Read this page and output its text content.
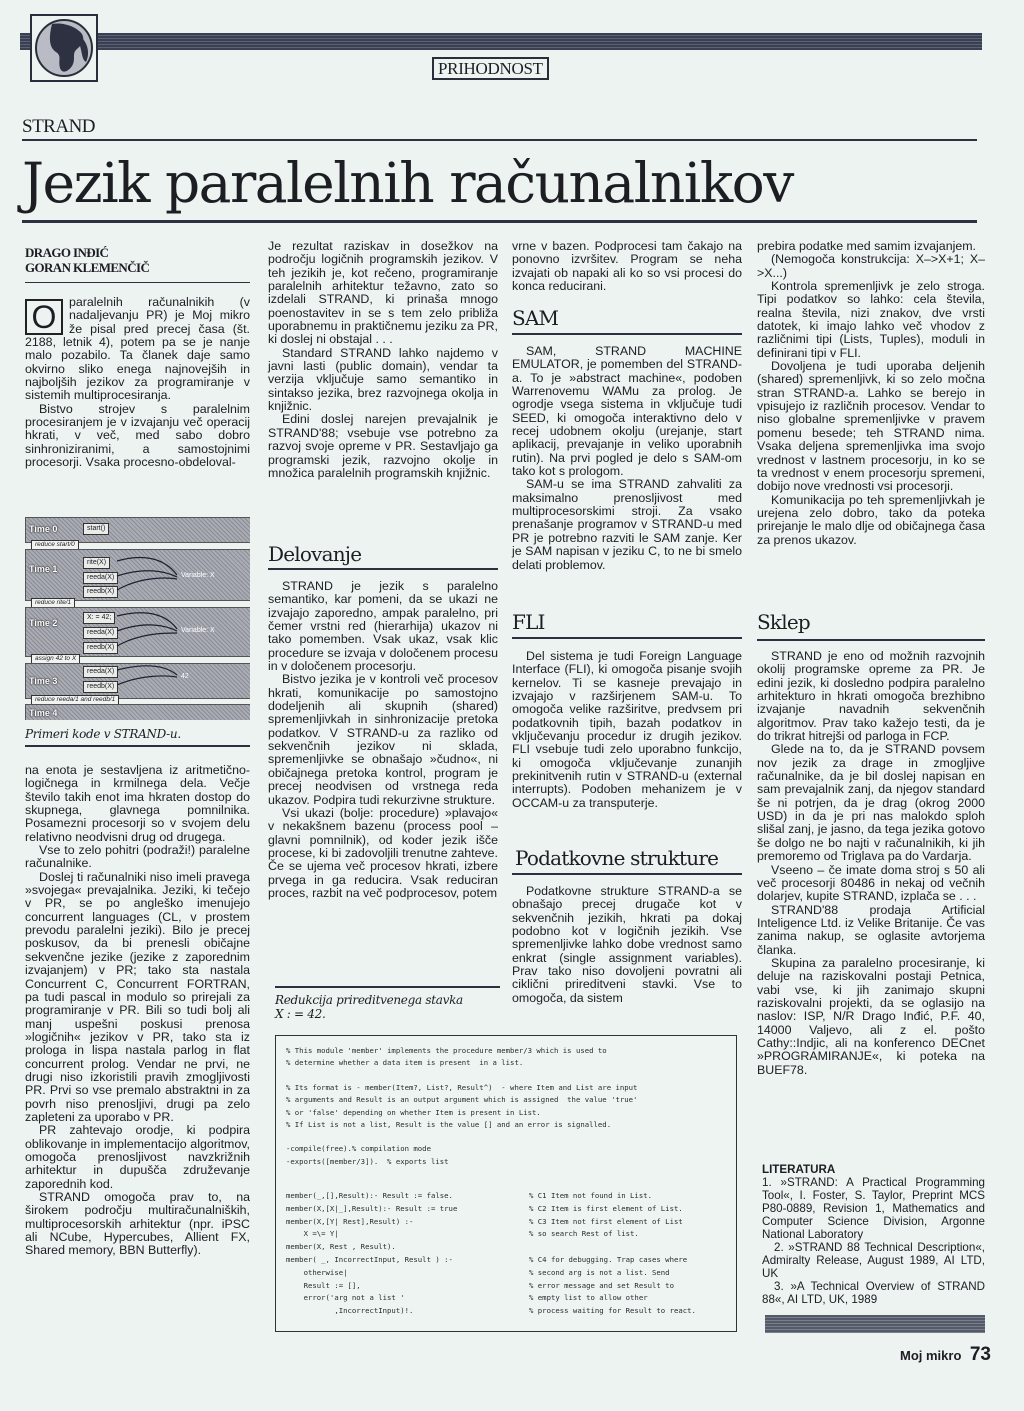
PRIHODNOST
STRAND
Jezik paralelnih računalnikov
DRAGO INĐIĆ
GORAN KLEMENČIČ

O	paralelnih računalnikih (v nadaljevanju PR) je Moj mikro že pisal pred precej časa (št. 2188, letnik 4), potem pa se je nanje malo pozabilo. Ta članek daje samo okvirno sliko enega najnovejših in najboljših jezikov za programiranje v sistemih multiprocesiranja.

Bistvo strojev s paralelnim procesiranjem je v izvajanju več operacij hkrati, v več, med sabo dobro sinhroniziranimi, a samostojnimi procesorji. Vsaka procesno-obdeloval-

Time 0	start()
reduce start/0
Time 1
rite(X)
reeda(X)
reedb(X)
Variable: X
reduce rite/1
Time 2
X: = 42;
reeda(X)
reedb(X)
Variable: X
assign 42 to X
Time 3
reeda(X)
reedb(X)
42
reduce reeda/1 and reedb/1
Time 4
Primeri kode v STRAND-u.

na enota je sestavljena iz aritmetično-logičnega in krmilnega dela. Večje število takih enot ima hkraten dostop do skupnega, glavnega pomnilnika. Posamezni procesorji so v svojem delu relativno neodvisni drug od drugega.

Vse to zelo pohitri (podraži!) paralelne računalnike.

Doslej ti računalniki niso imeli pravega »svojega« prevajalnika. Jeziki, ki tečejo v PR, se po angleško imenujejo concurrent languages (CL, v prostem prevodu paralelni jeziki). Bilo je precej poskusov, da bi prenesli običajne sekvenčne jezike (jezike z zaporednim izvajanjem) v PR; tako sta nastala Concurrent C, Concurrent FORTRAN, pa tudi pascal in modulo so prirejali za programiranje v PR. Bili so tudi bolj ali manj uspešni poskusi prenosa »logičnih« jezikov v PR, tako sta iz prologa in lispa nastala parlog in flat concurrent prolog. Vendar ne prvi, ne drugi niso izkoristili pravih zmogljivosti PR. Prvi so vse premalo abstraktni in za povrh niso prenosljivi, drugi pa zelo zapleteni za uporabo v PR.

PR zahtevajo orodje, ki podpira oblikovanje in implementacijo algoritmov, omogoča prenosljivost navzkrižnih arhitektur in dupušča združevanje zaporednih kod.

STRAND omogoča prav to, na širokem področju multiračunalniških, multiprocesorskih arhitektur (npr. iPSC ali NCube, Hypercubes, Allient FX, Shared memory, BBN Butterfly).

Je rezultat raziskav in dosežkov na področju logičnih programskih jezikov. V teh jezikih je, kot rečeno, programiranje paralelnih arhitektur težavno, zato so izdelali STRAND, ki prinaša mnogo poenostavitev in se s tem zelo približa uporabnemu in praktičnemu jeziku za PR, ki doslej ni obstajal . . .

Standard STRAND lahko najdemo v javni lasti (public domain), vendar ta verzija vključuje samo semantiko in sintakso jezika, brez razvojnega okolja in knjižnic.

Edini doslej narejen prevajalnik je STRAND'88; vsebuje vse potrebno za razvoj svoje opreme v PR. Sestavljajo ga programski jezik, razvojno okolje in množica paralelnih programskih knjižnic.

Delovanje

STRAND je jezik s paralelno semantiko, kar pomeni, da se ukazi ne izvajajo zaporedno, ampak paralelno, pri čemer vrstni red (hierarhija) ukazov ni tako pomemben. Vsak ukaz, vsak klic procedure se izvaja v določenem procesu in v določenem procesorju.

Bistvo jezika je v kontroli več procesov hkrati, komunikacije po samostojno dodeljenih ali skupnih (shared) spremenljivkah in sinhronizacije pretoka podatkov. V STRAND-u za razliko od sekvenčnih jezikov ni sklada, spremenljivke se obnašajo »čudno«, ni običajnega pretoka kontrol, program je precej neodvisen od vrstnega reda ukazov. Podpira tudi rekurzivne strukture.

Vsi ukazi (bolje: procedure) »plavajo« v nekakšnem bazenu (process pool – glavni pomnilnik), od koder jezik išče procese, ki bi zadovoljili trenutne zahteve. Če se ujema več procesov hkrati, izbere prvega in ga reducira. Vsak reduciran proces, razbit na več podprocesov, potem

Redukcija prireditvenega stavka
X : = 42.

vrne v bazen. Podprocesi tam čakajo na ponovno izvršitev. Program se neha izvajati ob napaki ali ko so vsi procesi do konca reducirani.

SAM

SAM, STRAND MACHINE EMULATOR, je pomemben del STRAND-a. To je »abstract machine«, podoben Warrenovemu WAMu za prolog. Je ogrodje vsega sistema in vključuje tudi SEED, ki omogoča interaktivno delo v recej udobnem okolju (urejanje, start aplikacij, prevajanje in veliko uporabnih rutin). Na prvi pogled je delo s SAM-om tako kot s prologom.

SAM-u se ima STRAND zahvaliti za maksimalno prenosljivost med multiprocesorskimi stroji. Za vsako prenašanje programov v STRAND-u med PR je potrebno razviti le SAM zanje. Ker je SAM napisan v jeziku C, to ne bi smelo delati problemov.

FLI

Del sistema je tudi Foreign Language Interface (FLI), ki omogoča pisanje svojih kernelov. Ti se kasneje prevajajo in izvajajo v razširjenem SAM-u. To omogoča velike razširitve, predvsem pri podatkovnih tipih, bazah podatkov in vključevanju procedur iz drugih jezikov. FLI vsebuje tudi zelo uporabno funkcijo, ki omogoča vključevanje zunanjih prekinitvenih rutin v STRAND-u (external interrupts). Podoben mehanizem je v OCCAM-u za transputerje.

Podatkovne strukture

Podatkovne strukture STRAND-a se obnašajo precej drugače kot v sekvenčnih jezikih, hkrati pa dokaj podobno kot v logičnih jezikih. Vse spremenljivke lahko dobe vrednost samo enkrat (single assignment variables). Prav tako niso dovoljeni povratni ali ciklični prireditveni stavki. Vse to omogoča, da sistem

prebira podatke med samim izvajanjem.

(Nemogoča konstrukcija: X–>X+1; X–>X...)

Kontrola spremenljivk je zelo stroga. Tipi podatkov so lahko: cela števila, realna števila, nizi znakov, dve vrsti datotek, ki imajo lahko več vhodov z različnimi tipi (Lists, Tuples), moduli in definirani tipi v FLI.

Dovoljena je tudi uporaba deljenih (shared) spremenljivk, ki so zelo močna stran STRAND-a. Lahko se berejo in vpisujejo iz različnih procesov. Vendar to niso globalne spremenljivke v pravem pomenu besede; teh STRAND nima. Vsaka deljena spremenljivka ima svojo vrednost v lastnem procesorju, in ko se ta vrednost v enem procesorju spremeni, dobijo nove vrednosti vsi procesorji.

Komunikacija po teh spremenljivkah je urejena zelo dobro, tako da poteka prirejanje le malo dlje od običajnega časa za prenos ukazov.

Sklep

STRAND je eno od možnih razvojnih okolij programske opreme za PR. Je edini jezik, ki dosledno podpira paralelno arhitekturo in hkrati omogoča brezhibno izvajanje navadnih sekvenčnih algoritmov. Prav tako kažejo testi, da je do trikrat hitrejši od parloga in FCP.

Glede na to, da je STRAND povsem nov jezik za drage in zmogljive računalnike, da je bil doslej napisan en sam prevajalnik zanj, da njegov standard še ni potrjen, da je drag (okrog 2000 USD) in da je pri nas malokdo sploh slišal zanj, je jasno, da tega jezika gotovo še dolgo ne bo najti v računalnikih, ki jih premoremo od Triglava pa do Vardarja.

Vseeno – če imate doma stroj s 50 ali več procesorji 80486 in nekaj od večnih dolarjev, kupite STRAND, izplača se . . .

STRAND'88 prodaja Artificial Inteligence Ltd. iz Velike Britanije. Če vas zanima nakup, se oglasite avtorjema članka.

Skupina za paralelno procesiranje, ki deluje na raziskovalni postaji Petnica, vabi vse, ki jih zanimajo skupni raziskovalni projekti, da se oglasijo na naslov: ISP, N/R Drago Inđić, P.F. 40, 14000 Valjevo, ali z el. pošto Cathy::Indjic, ali na konferenco DECnet »PROGRAMIRANJE«, ki poteka na BUEF78.

LITERATURA

1. »STRAND: A Practical Programming Tool«, I. Foster, S. Taylor, Preprint MCS P80-0889, Revision 1, Mathematics and Computer Science Division, Argonne National Laboratory

2. »STRAND 88 Technical Description«, Admiralty Release, August 1989, AI LTD, UK

3. »A Technical Overview of STRAND 88«, AI LTD, UK, 1989

% This module 'member' implements the procedure member/3 which is used to
% determine whether a data item is present  in a list.
% Its format is - member(Item?, List?, Result^)  - where Item and List are input
% arguments and Result is an output argument which is assigned  the value 'true'
% or 'false' depending on whether Item is present in List.
% If List is not a list, Result is the value [] and an error is signalled.
-compile(free).% compilation mode
-exports([member/3]).  % exports list
member(_,[],Result):- Result := false.
member(X,[X|_],Result):- Result := true
member(X,[Y| Rest],Result) :-
X =\= Y|
member(X, Rest , Result).
member( _, IncorrectInput, Result ) :-
otherwise|
Result := [],
error('arg not a list '
,IncorrectInput)!.
% C1 Item not found in List.
% C2 Item is first element of List.
% C3 Item not first element of List
% so search Rest of list.
% C4 for debugging. Trap cases where
% second arg is not a list. Send
% error message and set Result to
% empty list to allow other
% process waiting for Result to react.
Moj mikro 73
